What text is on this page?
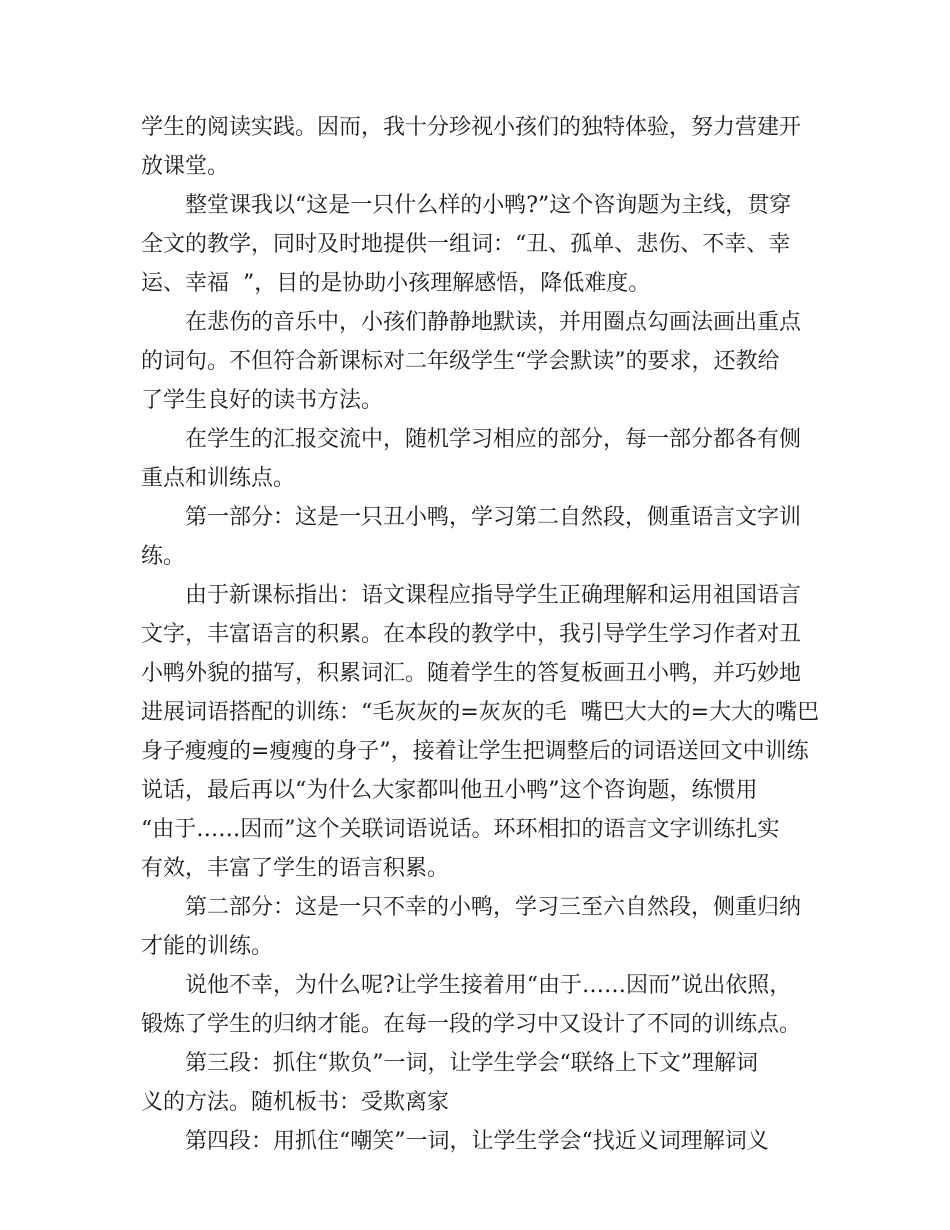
学生的阅读实践。因而，我十分珍视小孩们的独特体验，努力营建开
放课堂。

整堂课我以“这是一只什么样的小鸭?”这个咨询题为主线，贯穿
全文的教学，同时及时地提供一组词：“丑、孤单、悲伤、不幸、幸
运、幸福  ”，目的是协助小孩理解感悟，降低难度。

在悲伤的音乐中，小孩们静静地默读，并用圈点勾画法画出重点
的词句。不但符合新课标对二年级学生“学会默读”的要求，还教给
了学生良好的读书方法。

在学生的汇报交流中，随机学习相应的部分，每一部分都各有侧
重点和训练点。

第一部分：这是一只丑小鸭，学习第二自然段，侧重语言文字训
练。

由于新课标指出：语文课程应指导学生正确理解和运用祖国语言
文字，丰富语言的积累。在本段的教学中，我引导学生学习作者对丑
小鸭外貌的描写，积累词汇。随着学生的答复板画丑小鸭，并巧妙地
进展词语搭配的训练：“毛灰灰的=灰灰的毛  嘴巴大大的=大大的嘴巴
身子瘦瘦的=瘦瘦的身子”，接着让学生把调整后的词语送回文中训练
说话，最后再以“为什么大家都叫他丑小鸭”这个咨询题，练惯用
“由于……因而”这个关联词语说话。环环相扣的语言文字训练扎实
有效，丰富了学生的语言积累。

第二部分：这是一只不幸的小鸭，学习三至六自然段，侧重归纳
才能的训练。

说他不幸，为什么呢?让学生接着用“由于……因而”说出依照，
锻炼了学生的归纳才能。在每一段的学习中又设计了不同的训练点。

第三段：抓住“欺负”一词，让学生学会“联络上下文”理解词
义的方法。随机板书：受欺离家

第四段：用抓住“嘲笑”一词，让学生学会“找近义词理解词义
